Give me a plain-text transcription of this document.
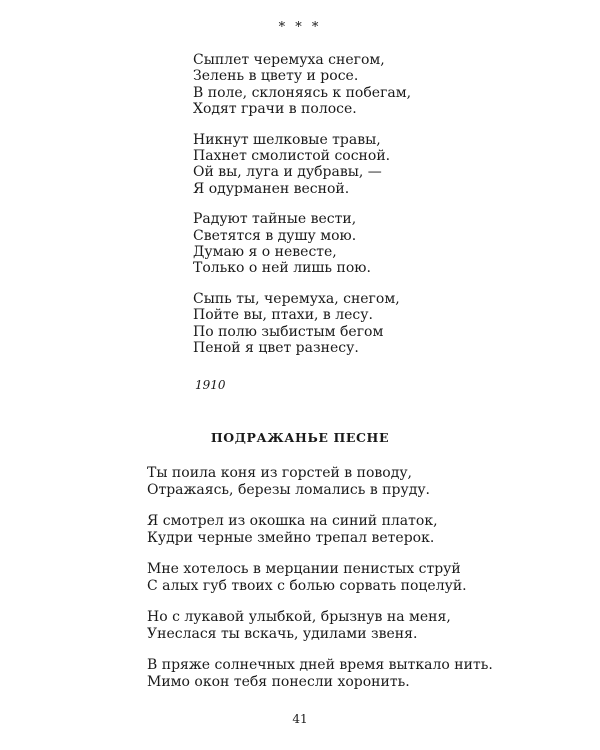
* * *
Сыплет черемуха снегом,
Зелень в цвету и росе.
В поле, склоняясь к побегам,
Ходят грачи в полосе.
Никнут шелковые травы,
Пахнет смолистой сосной.
Ой вы, луга и дубравы, —
Я одурманен весной.
Радуют тайные вести,
Светятся в душу мою.
Думаю я о невесте,
Только о ней лишь пою.
Сыпь ты, черемуха, снегом,
Пойте вы, птахи, в лесу.
По полю зыбистым бегом
Пеной я цвет разнесу.
1910
ПОДРАЖАНЬЕ ПЕСНЕ
Ты поила коня из горстей в поводу,
Отражаясь, березы ломались в пруду.
Я смотрел из окошка на синий платок,
Кудри черные змейно трепал ветерок.
Мне хотелось в мерцании пенистых струй
С алых губ твоих с болью сорвать поцелуй.
Но с лукавой улыбкой, брызнув на меня,
Унеслася ты вскачь, удилами звеня.
В пряже солнечных дней время выткало нить.
Мимо окон тебя понесли хоронить.
41
